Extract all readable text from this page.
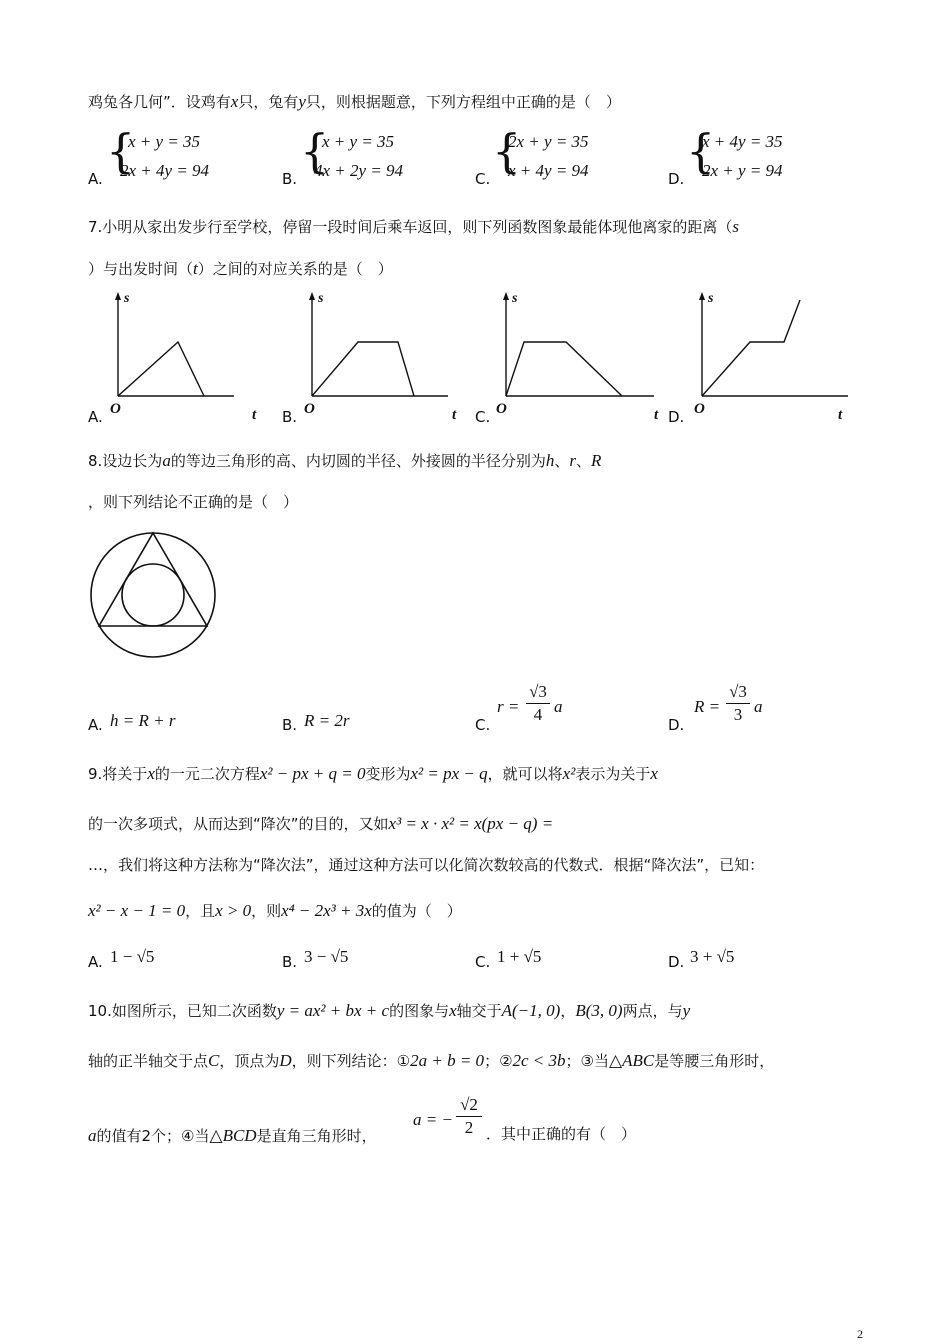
鸡兔各几何”．设鸡有x只，兔有y只，则根据题意，下列方程组中正确的是（　）
A.
{
x + y = 35
2x + 4y = 94	B.
{
x + y = 35
4x + 2y = 94	C.
{
2x + y = 35
x + 4y = 94	D.
{
x + 4y = 35
2x + y = 94
7.小明从家出发步行至学校，停留一段时间后乘车返回，则下列函数图象最能体现他离家的距离（s
）与出发时间（t）之间的对应关系的是（　）
A.
s
O	t B.
s
O	t C.
s
O	t D.
s
O	t
8.设边长为a的等边三角形的高、内切圆的半径、外接圆的半径分别为h、r、R
，则下列结论不正确的是（　）
A. h = R + r	B. R = 2r	C.
r =
√3
4 a
D.
R =
√3
3 a
9.将关于x的一元二次方程x² − px + q = 0变形为x² = px − q，就可以将x²表示为关于x
的一次多项式，从而达到“降次”的目的，又如x³ = x · x² = x(px − q) =
…，我们将这种方法称为“降次法”，通过这种方法可以化简次数较高的代数式．根据“降次法”，已知：
x² − x − 1 = 0，且x > 0，则x⁴ − 2x³ + 3x的值为（　）
A. 1 − √5	B. 3 − √5	C. 1 + √5	D. 3 + √5
10.如图所示，已知二次函数y = ax² + bx + c的图象与x轴交于A(−1, 0)，B(3, 0)两点，与y
轴的正半轴交于点C，顶点为D，则下列结论：①2a + b = 0；②2c < 3b；③当△ABC是等腰三角形时，
a的值有2个；④当△BCD是直角三角形时，
a = −
√2
2 ．其中正确的有（　）
2
